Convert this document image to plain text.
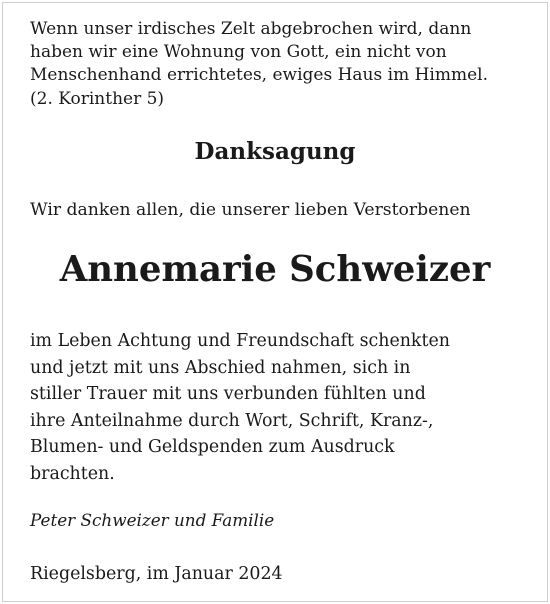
Wenn unser irdisches Zelt abgebrochen wird, dann
haben wir eine Wohnung von Gott, ein nicht von
Menschenhand errichtetes, ewiges Haus im Himmel.
(2. Korinther 5)
Danksagung
Wir danken allen, die unserer lieben Verstorbenen
Annemarie Schweizer
im Leben Achtung und Freundschaft schenkten
und jetzt mit uns Abschied nahmen, sich in
stiller Trauer mit uns verbunden fühlten und
ihre Anteilnahme durch Wort, Schrift, Kranz-,
Blumen- und Geldspenden zum Ausdruck
brachten.
Peter Schweizer und Familie
Riegelsberg, im Januar 2024
